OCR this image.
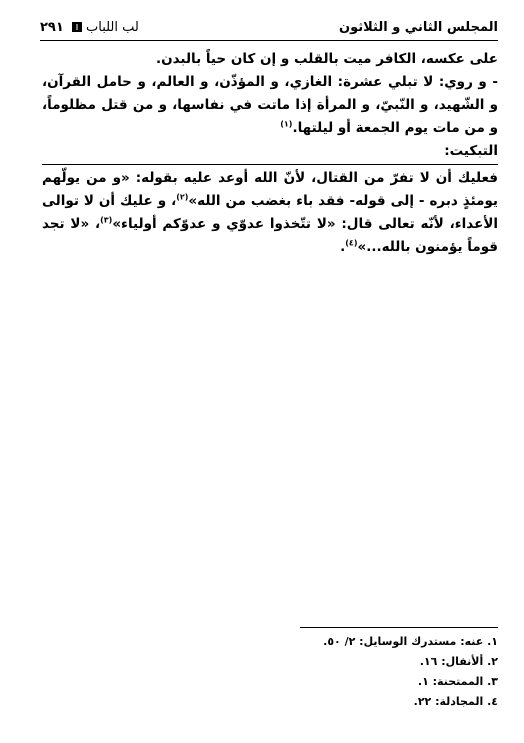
المجلس الثاني و الثلاثون
لب اللباب
٢٩١

على عكسه، الكافر ميت بالقلب و إن كان حياً بالبدن.

- و روي: لا تبلي عشرة: الغازي، و المؤذّن، و العالم، و حامل القرآن، و الشّهيد، و النّبيّ، و المرأة إذا ماتت في نفاسها، و من قتل مظلوماً، و من مات يوم الجمعة أو ليلتها.$^{(١)}$

التبكيت:

فعليك أن لا تفرّ من القتال، لأنّ الله أوعد عليه بقوله: «و من يولّهم يومئذٍ دبره - إلى قوله- فقد باء بغضب من الله»$^{(٢)}$، و عليك أن لا توالى الأعداء، لأنّه تعالى قال: «لا تتّخذوا عدوّي و عدوّكم أولياء»$^{(٣)}$، «لا تجد قوماً يؤمنون بالله...»$^{(٤)}$.

١. عنه: مستدرك الوسايل: ٢/ ٥٠.

٢. ألأنفال: ١٦.

٣. الممتحنة: ١.

٤. المجادلة: ٢٢.
